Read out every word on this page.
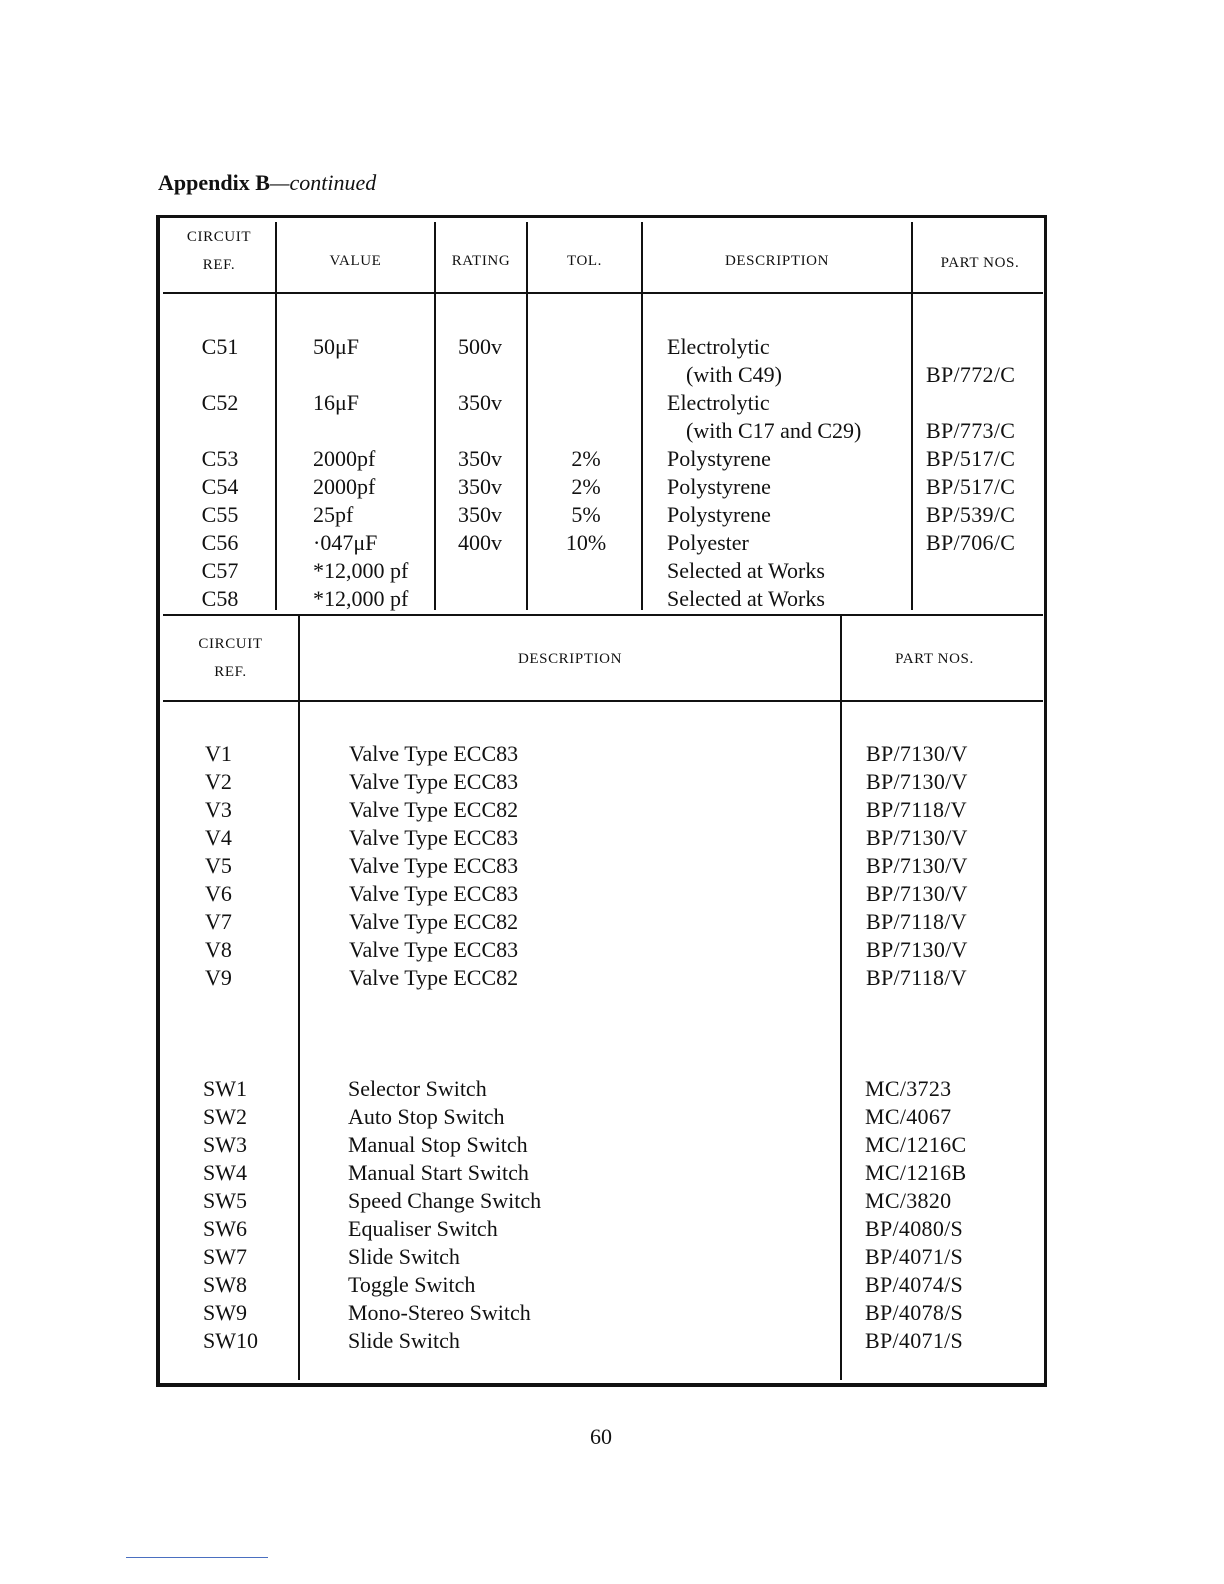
Appendix B—continued
CIRCUIT
REF.	VALUE	RATING	TOL.	DESCRIPTION	PART NOS.
C51	50μF	500v	Electrolytic
(with C49)	BP/772/C
C52	16μF	350v	Electrolytic
(with C17 and C29)	BP/773/C
C53	2000pf	350v	2%	Polystyrene	BP/517/C
C54	2000pf	350v	2%	Polystyrene	BP/517/C
C55	25pf	350v	5%	Polystyrene	BP/539/C
C56	·047μF	400v	10%	Polyester	BP/706/C
C57	*12,000 pf	Selected at Works
C58	*12,000 pf	Selected at Works
CIRCUIT
REF.
DESCRIPTION	PART NOS.
V1	Valve Type ECC83	BP/7130/V
V2	Valve Type ECC83	BP/7130/V
V3	Valve Type ECC82	BP/7118/V
V4	Valve Type ECC83	BP/7130/V
V5	Valve Type ECC83	BP/7130/V
V6	Valve Type ECC83	BP/7130/V
V7	Valve Type ECC82	BP/7118/V
V8	Valve Type ECC83	BP/7130/V
V9	Valve Type ECC82	BP/7118/V
SW1	Selector Switch	MC/3723
SW2	Auto Stop Switch	MC/4067
SW3	Manual Stop Switch	MC/1216C
SW4	Manual Start Switch	MC/1216B
SW5	Speed Change Switch	MC/3820
SW6	Equaliser Switch	BP/4080/S
SW7	Slide Switch	BP/4071/S
SW8	Toggle Switch	BP/4074/S
SW9	Mono-Stereo Switch	BP/4078/S
SW10	Slide Switch	BP/4071/S
60
